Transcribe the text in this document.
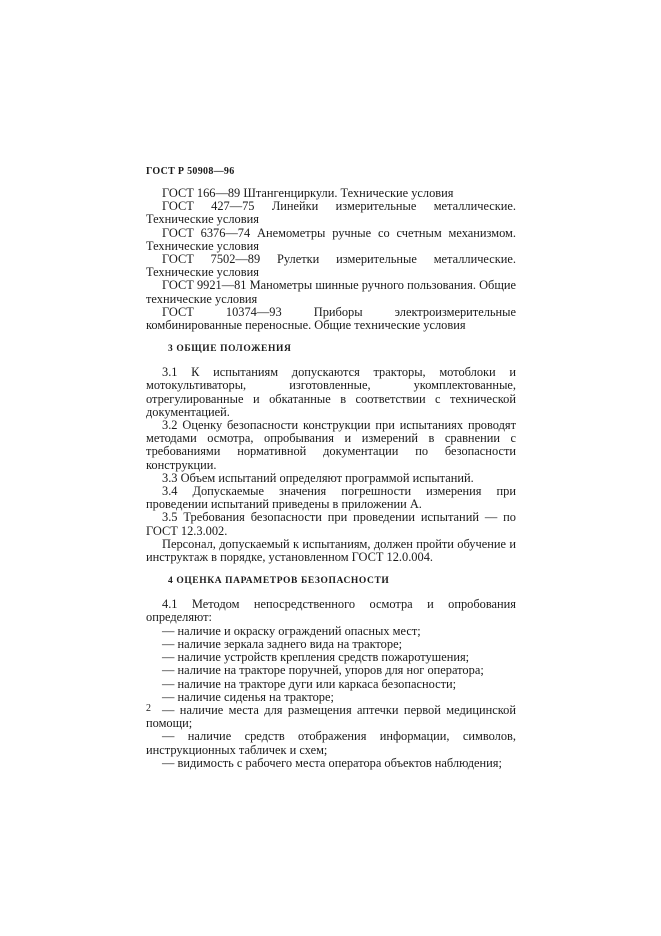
ГОСТ Р 50908—96

ГОСТ 166—89 Штангенциркули. Технические условия

ГОСТ 427—75 Линейки измерительные металлические. Технические условия

ГОСТ 6376—74 Анемометры ручные со счетным механизмом. Технические условия

ГОСТ 7502—89 Рулетки измерительные металлические. Технические условия

ГОСТ 9921—81 Манометры шинные ручного пользования. Общие технические условия

ГОСТ 10374—93 Приборы электроизмерительные комбинированные переносные. Общие технические условия

3 ОБЩИЕ ПОЛОЖЕНИЯ

3.1 К испытаниям допускаются тракторы, мотоблоки и мотокультиваторы, изготовленные, укомплектованные, отрегулированные и обкатанные в соответствии с технической документацией.

3.2 Оценку безопасности конструкции при испытаниях проводят методами осмотра, опробывания и измерений в сравнении с требованиями нормативной документации по безопасности конструкции.

3.3 Объем испытаний определяют программой испытаний.

3.4 Допускаемые значения погрешности измерения при проведении испытаний приведены в приложении А.

3.5 Требования безопасности при проведении испытаний — по ГОСТ 12.3.002.

Персонал, допускаемый к испытаниям, должен пройти обучение и инструктаж в порядке, установленном ГОСТ 12.0.004.

4 ОЦЕНКА ПАРАМЕТРОВ БЕЗОПАСНОСТИ

4.1 Методом непосредственного осмотра и опробования определяют:

— наличие и окраску ограждений опасных мест;

— наличие зеркала заднего вида на тракторе;

— наличие устройств крепления средств пожаротушения;

— наличие на тракторе поручней, упоров для ног оператора;

— наличие на тракторе дуги или каркаса безопасности;

— наличие сиденья на тракторе;

— наличие места для размещения аптечки первой медицинской помощи;

— наличие средств отображения информации, символов, инструкционных табличек и схем;

— видимость с рабочего места оператора объектов наблюдения;

2
